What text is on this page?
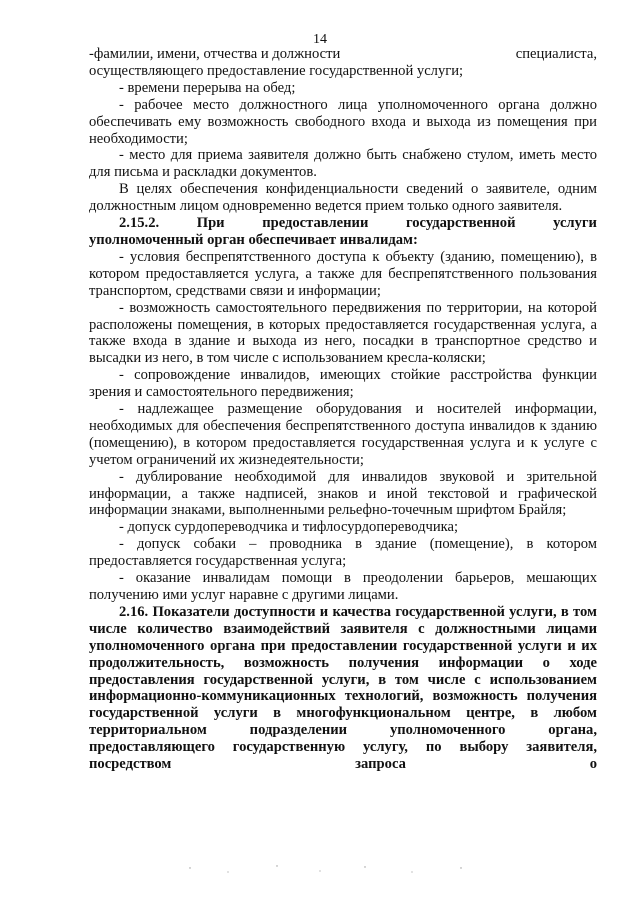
14

-фамилии, имени, отчества и должности	специалиста,

осуществляющего предоставление государственной услуги;

- времени перерыва на обед;

- рабочее место должностного лица уполномоченного органа должно обеспечивать ему возможность свободного входа и выхода из помещения при необходимости;

- место для приема заявителя должно быть снабжено стулом, иметь место для письма и раскладки документов.

В целях обеспечения конфиденциальности сведений о заявителе, одним должностным лицом одновременно ведется прием только одного заявителя.

2.15.2.	При	предоставлении	государственной	услуги

уполномоченный орган обеспечивает инвалидам:

- условия беспрепятственного доступа к объекту (зданию, помещению), в котором предоставляется услуга, а также для беспрепятственного пользования транспортом, средствами связи и информации;

- возможность самостоятельного передвижения по территории, на которой расположены помещения, в которых предоставляется государственная услуга, а также входа в здание и выхода из него, посадки в транспортное средство и высадки из него, в том числе с использованием кресла-коляски;

- сопровождение инвалидов, имеющих стойкие расстройства функции зрения и самостоятельного передвижения;

- надлежащее размещение оборудования и носителей информации, необходимых для обеспечения беспрепятственного доступа инвалидов к зданию (помещению), в котором предоставляется государственная услуга и к услуге с учетом ограничений их жизнедеятельности;

- дублирование необходимой для инвалидов звуковой и зрительной информации, а также надписей, знаков и иной текстовой и графической информации знаками, выполненными рельефно-точечным шрифтом Брайля;

- допуск сурдопереводчика и тифлосурдопереводчика;

- допуск собаки – проводника в здание (помещение), в котором предоставляется государственная услуга;

- оказание инвалидам помощи в преодолении барьеров, мешающих получению ими услуг наравне с другими лицами.

2.16. Показатели доступности и качества государственной услуги, в том числе количество взаимодействий заявителя с должностными лицами уполномоченного органа при предоставлении государственной услуги и их продолжительность, возможность получения информации о ходе предоставления государственной услуги, в том числе с использованием информационно-коммуникационных технологий, возможность получения государственной услуги в многофункциональном центре, в любом территориальном подразделении уполномоченного органа, предоставляющего государственную услугу, по выбору заявителя, посредством запроса о
